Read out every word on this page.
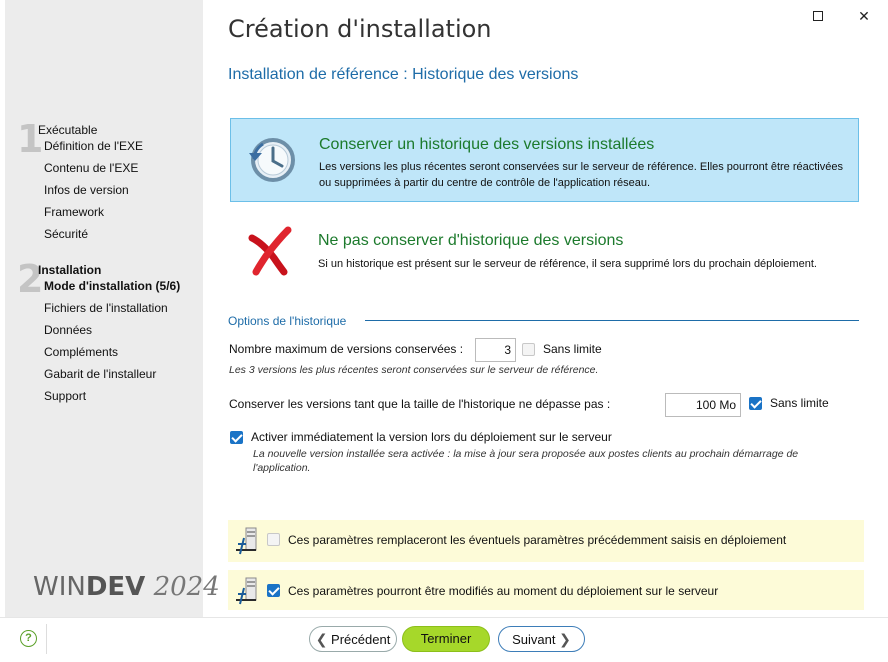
1
Exécutable
Définition de l'EXE
Contenu de l'EXE
Infos de version
Framework
Sécurité
2
Installation
Mode d'installation (5/6)
Fichiers de l'installation
Données
Compléments
Gabarit de l'installeur
Support
WINDEV 2024
✕
Création d'installation
Installation de référence : Historique des versions
Conserver un historique des versions installées
Les versions les plus récentes seront conservées sur le serveur de référence. Elles pourront être réactivées ou supprimées à partir du centre de contrôle de l'application réseau.
Ne pas conserver d'historique des versions
Si un historique est présent sur le serveur de référence, il sera supprimé lors du prochain déploiement.
Options de l'historique
Nombre maximum de versions conservées :	3	Sans limite
Les 3 versions les plus récentes seront conservées sur le serveur de référence.
Conserver les versions tant que la taille de l'historique ne dépasse pas :	100 Mo	Sans limite
Activer immédiatement la version lors du déploiement sur le serveur
La nouvelle version installée sera activée : la mise à jour sera proposée aux postes clients au prochain démarrage de l'application.
Ces paramètres remplaceront les éventuels paramètres précédemment saisis en déploiement
Ces paramètres pourront être modifiés au moment du déploiement sur le serveur
?	❮ Précédent	Terminer	Suivant ❯
